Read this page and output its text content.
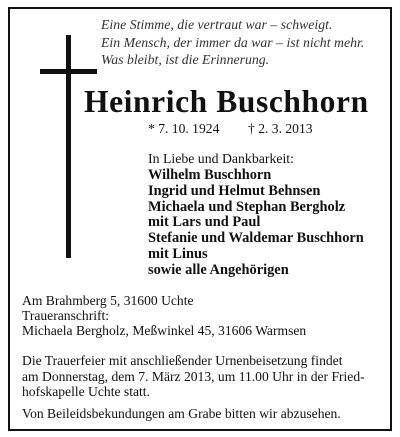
Eine Stimme, die vertraut war – schweigt.
Ein Mensch, der immer da war – ist nicht mehr.
Was bleibt, ist die Erinnerung.
Heinrich Buschhorn
* 7. 10. 1924 † 2. 3. 2013
In Liebe und Dankbarkeit:
Wilhelm Buschhorn
Ingrid und Helmut Behnsen
Michaela und Stephan Bergholz
mit Lars und Paul
Stefanie und Waldemar Buschhorn
mit Linus
sowie alle Angehörigen
Am Brahmberg 5, 31600 Uchte
Traueranschrift:
Michaela Bergholz, Meßwinkel 45, 31606 Warmsen
Die Trauerfeier mit anschließender Urnenbeisetzung findet
am Donnerstag, dem 7. März 2013, um 11.00 Uhr in der Fried-
hofskapelle Uchte statt.
Von Beileidsbekundungen am Grabe bitten wir abzusehen.
